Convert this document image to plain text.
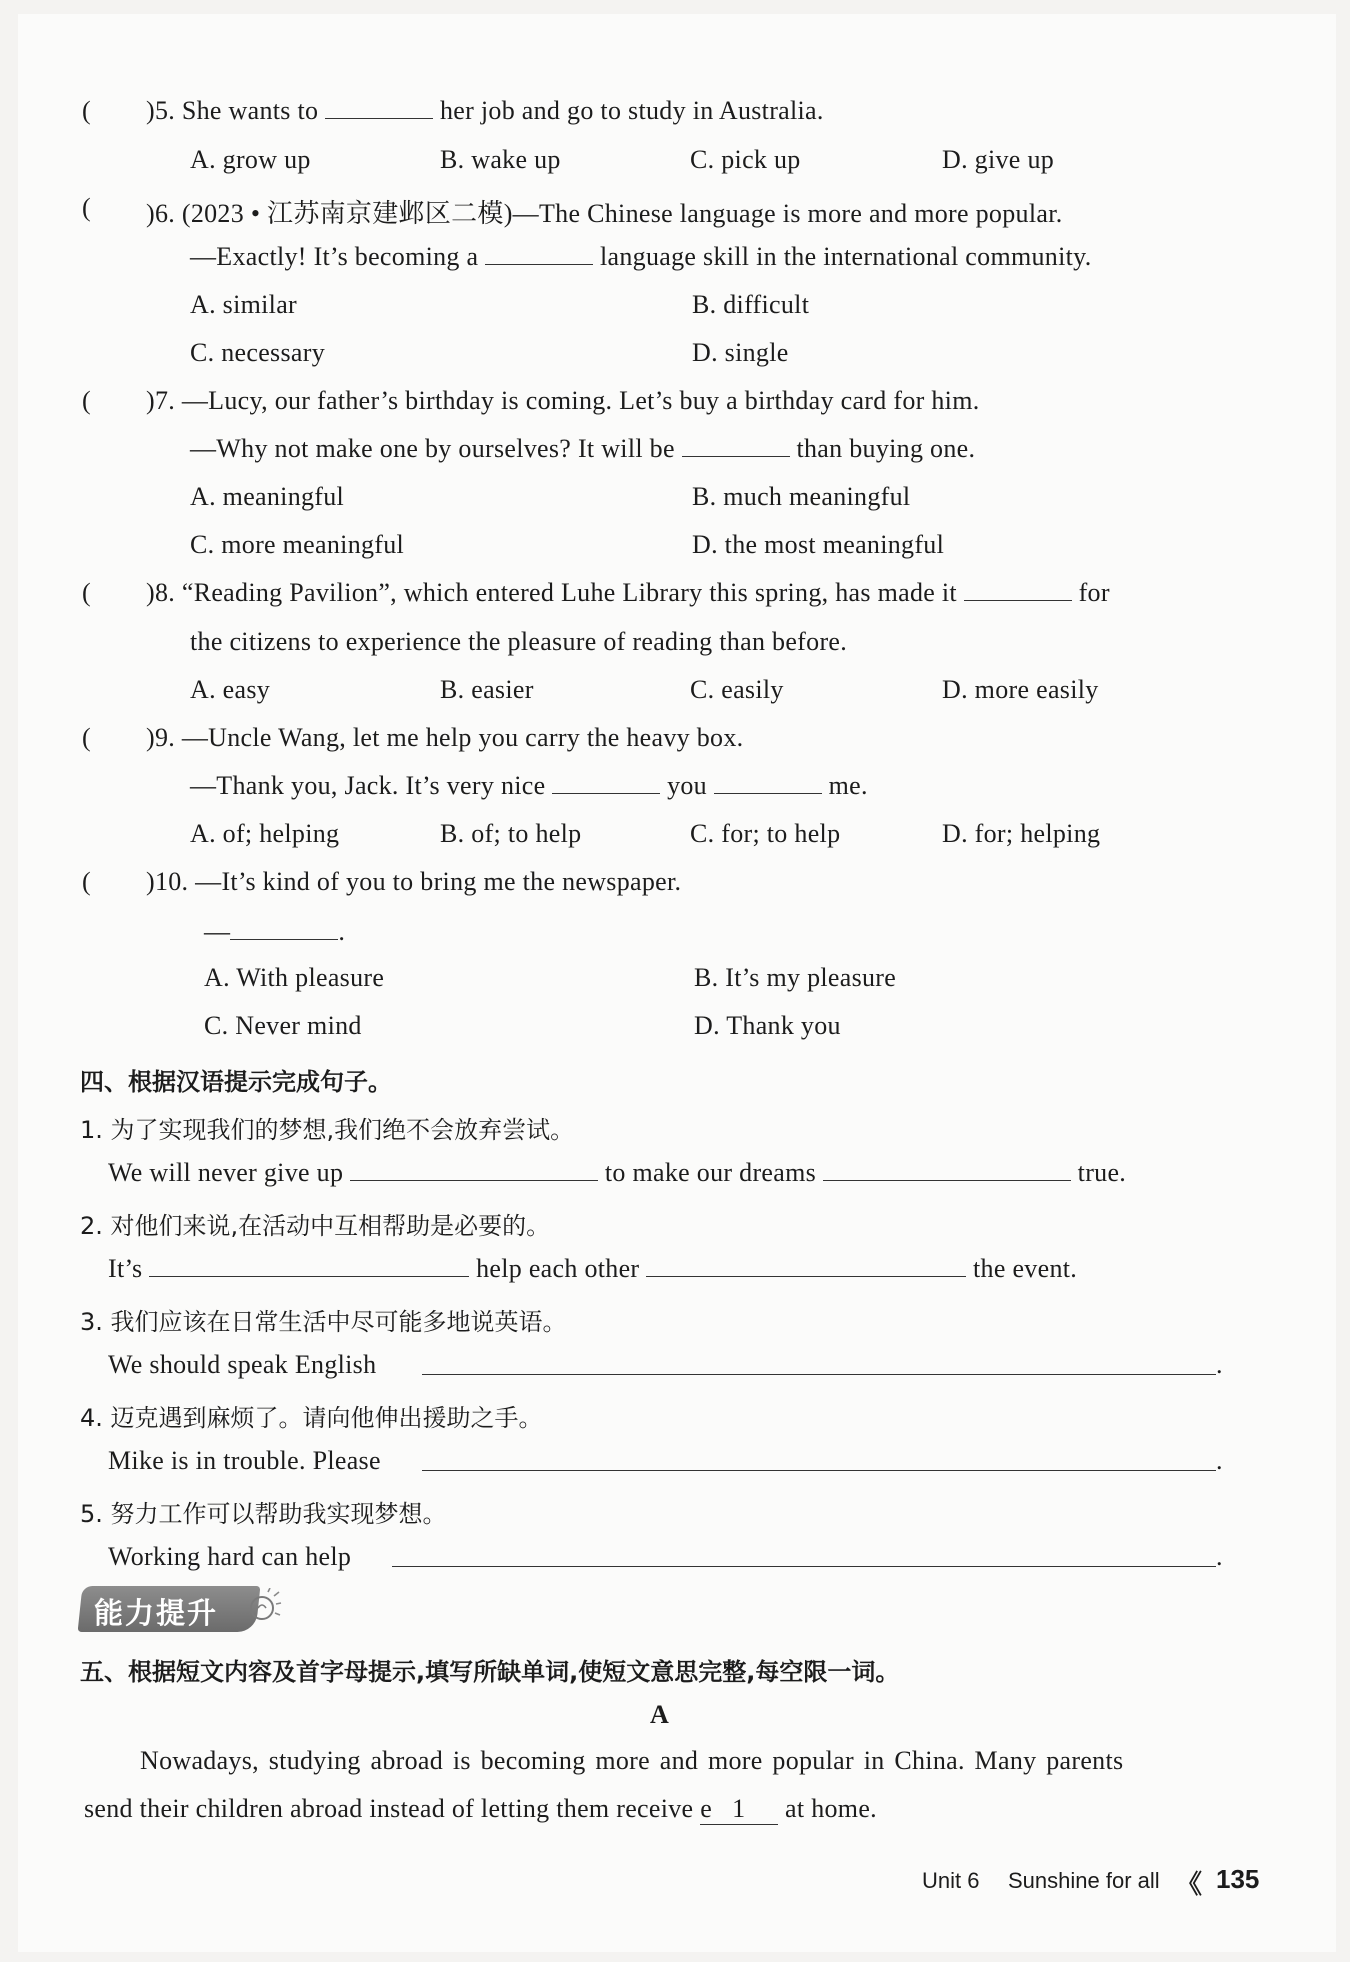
( )5. She wants to	her job and go to study in Australia.
A. grow up	B. wake up	C. pick up	D. give up
( )6. (2023 • 江苏南京建邺区二模)—The Chinese language is more and more popular.
—Exactly! It’s becoming a	language skill in the international community.
A. similar	B. difficult
C. necessary	D. single
( )7. —Lucy, our father’s birthday is coming. Let’s buy a birthday card for him.
—Why not make one by ourselves? It will be	than buying one.
A. meaningful	B. much meaningful
C. more meaningful	D. the most meaningful
( )8. “Reading Pavilion”, which entered Luhe Library this spring, has made it	for
the citizens to experience the pleasure of reading than before.
A. easy	B. easier	C. easily	D. more easily
( )9. —Uncle Wang, let me help you carry the heavy box.
—Thank you, Jack. It’s very nice	you	me.
A. of; helping	B. of; to help	C. for; to help	D. for; helping
( )10. —It’s kind of you to bring me the newspaper.
—	.
A. With pleasure	B. It’s my pleasure
C. Never mind	D. Thank you
四、根据汉语提示完成句子。
1. 为了实现我们的梦想,我们绝不会放弃尝试。
We will never give up	to make our dreams	true.
2. 对他们来说,在活动中互相帮助是必要的。
It’s	help each other	the event.
3. 我们应该在日常生活中尽可能多地说英语。
We should speak English	.
4. 迈克遇到麻烦了。请向他伸出援助之手。
Mike is in trouble. Please	.
5. 努力工作可以帮助我实现梦想。
Working hard can help	.
能力提升
五、根据短文内容及首字母提示,填写所缺单词,使短文意思完整,每空限一词。
A
Nowadays, studying abroad is becoming more and more popular in China. Many parents
send their children abroad instead of letting them receive e 1 at home.
Unit 6 Sunshine for all 《 135
